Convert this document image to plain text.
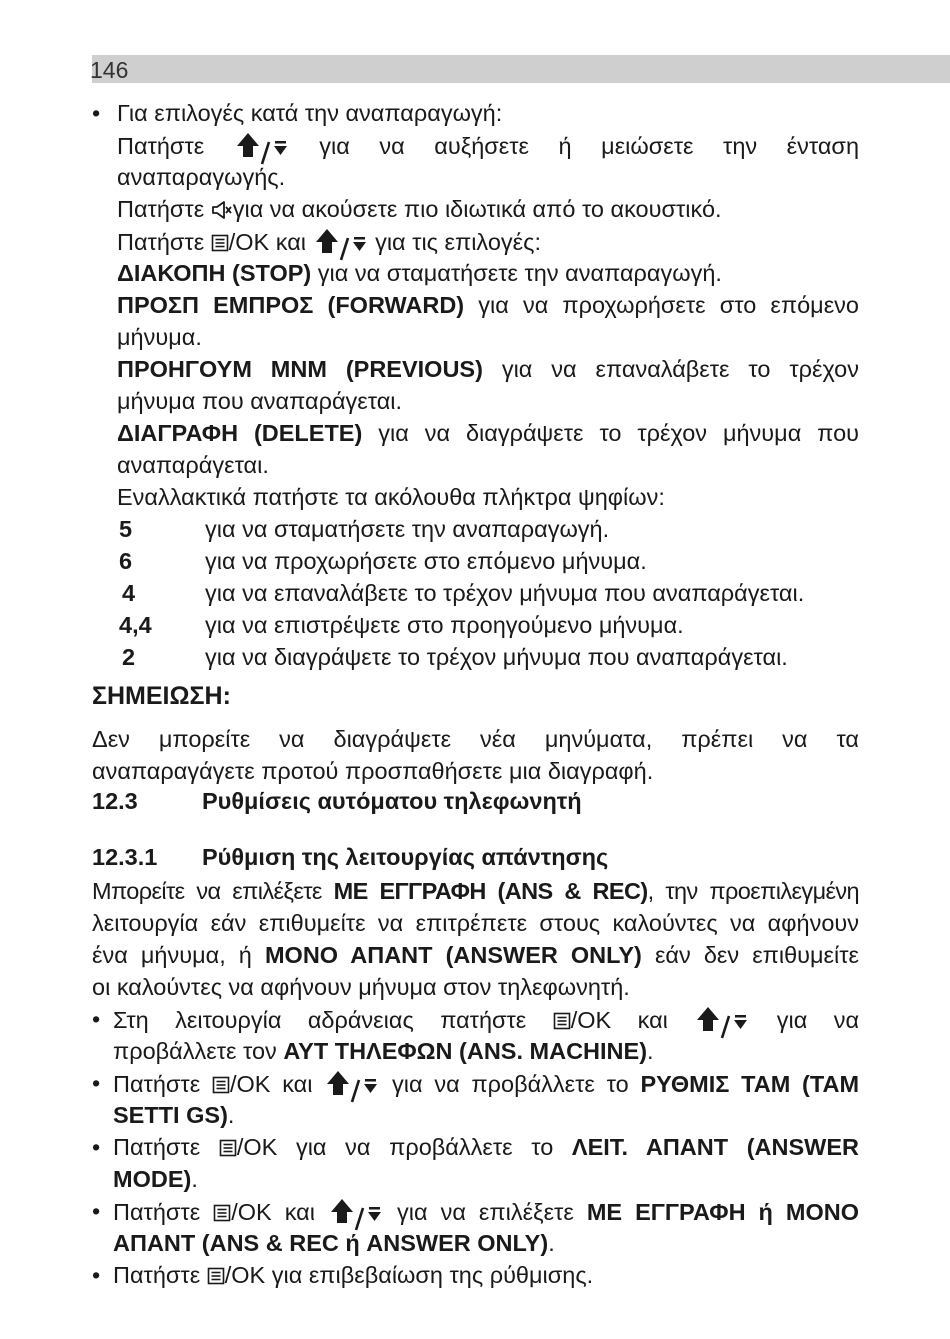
146
• Για επιλογές κατά την αναπαραγωγή:
Πατήστε	για να αυξήσετε ή μειώσετε την ένταση
αναπαραγωγής.
Πατήστε για να ακούσετε πιο ιδιωτικά από το ακουστικό.
Πατήστε /OK και	για τις επιλογές:
ΔΙΑΚΟΠΗ (STOP) για να σταματήσετε την αναπαραγωγή.
ΠΡΟΣΠ ΕΜΠΡΟΣ (FORWARD) για να προχωρήσετε στο επόμενο
μήνυμα.
ΠΡΟΗΓΟΥΜ ΜΝΜ (PREVIOUS) για να επαναλάβετε το τρέχον
μήνυμα που αναπαράγεται.
ΔΙΑΓΡΑΦΗ (DELETE) για να διαγράψετε το τρέχον μήνυμα που
αναπαράγεται.
Εναλλακτικά πατήστε τα ακόλουθα πλήκτρα ψηφίων:
5	για να σταματήσετε την αναπαραγωγή.
6	για να προχωρήσετε στο επόμενο μήνυμα.
4	για να επαναλάβετε το τρέχον μήνυμα που αναπαράγεται.
4,4 για να επιστρέψετε στο προηγούμενο μήνυμα.
2	για να διαγράψετε το τρέχον μήνυμα που αναπαράγεται.
ΣΗΜΕΙΩΣΗ:
Δεν μπορείτε να διαγράψετε νέα μηνύματα, πρέπει να τα
αναπαραγάγετε προτού προσπαθήσετε μια διαγραφή.
12.3	Ρυθμίσεις αυτόματου τηλεφωνητή
12.3.1 Ρύθμιση της λειτουργίας απάντησης
Μπορείτε να επιλέξετε ΜΕ ΕΓΓΡΑΦΗ (ANS & REC), την προεπιλεγμένη
λειτουργία εάν επιθυμείτε να επιτρέπετε στους καλούντες να αφήνουν
ένα μήνυμα, ή ΜΟΝΟ ΑΠΑΝΤ (ANSWER ONLY) εάν δεν επιθυμείτε
οι καλούντες να αφήνουν μήνυμα στον τηλεφωνητή.
• Στη λειτουργία αδράνειας πατήστε /OK και	για να
προβάλλετε τον ΑΥΤ ΤΗΛΕΦΩΝ (ANS. MACHINE).
• Πατήστε /OK και	για να προβάλλετε το ΡΥΘΜΙΣ ΤΑΜ (TAM
SETTI GS).
• Πατήστε /OK για να προβάλλετε το ΛΕΙΤ. ΑΠΑΝΤ (ANSWER
MODE).
• Πατήστε /OK και	για να επιλέξετε ΜΕ ΕΓΓΡΑΦΗ ή ΜΟΝΟ
ΑΠΑΝΤ (ANS & REC ή ANSWER ONLY).
• Πατήστε /OK για επιβεβαίωση της ρύθμισης.
